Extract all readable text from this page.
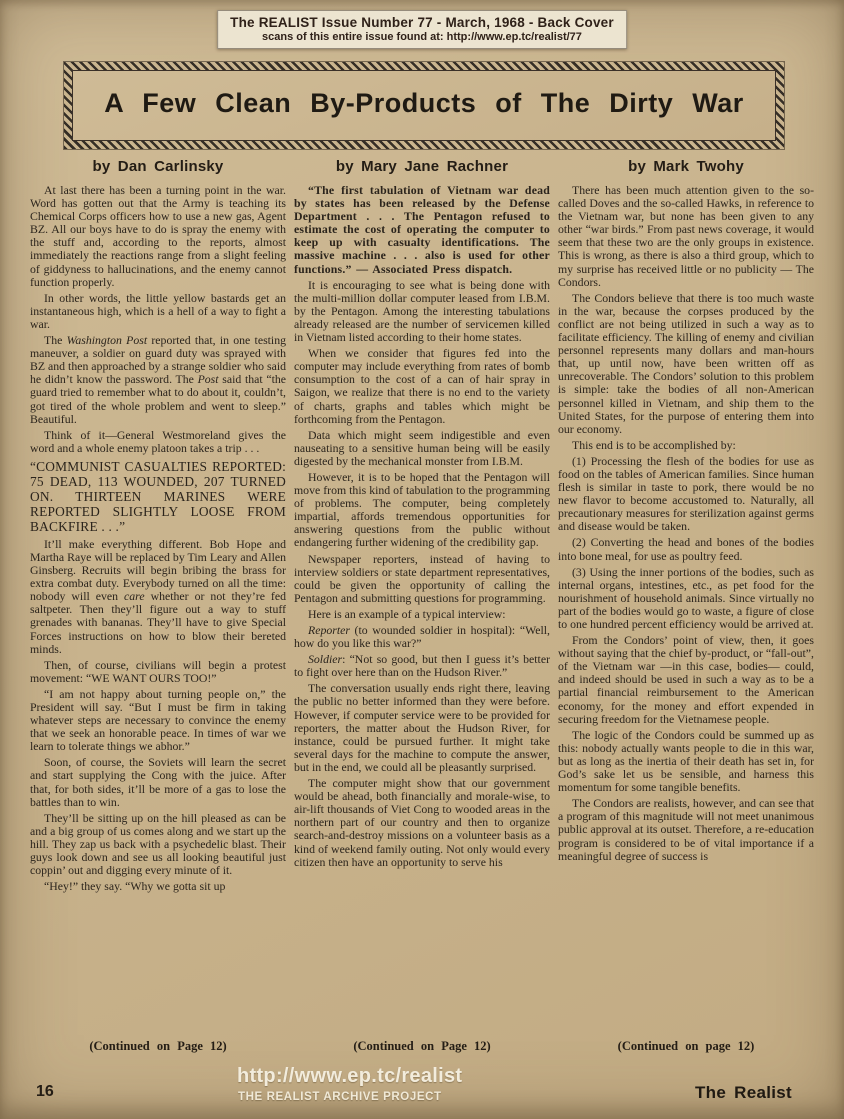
The REALIST Issue Number 77 - March, 1968 - Back Cover
scans of this entire issue found at: http://www.ep.tc/realist/77
A Few Clean By-Products of The Dirty War
by Dan Carlinsky

At last there has been a turning point in the war. Word has gotten out that the Army is teaching its Chemical Corps officers how to use a new gas, Agent BZ. All our boys have to do is spray the enemy with the stuff and, according to the reports, almost immediately the reactions range from a slight feeling of giddyness to hallucinations, and the enemy cannot function properly.

In other words, the little yellow bastards get an instantaneous high, which is a hell of a way to fight a war.

The Washington Post reported that, in one testing maneuver, a soldier on guard duty was sprayed with BZ and then approached by a strange soldier who said he didn’t know the password. The Post said that “the guard tried to remember what to do about it, couldn’t, got tired of the whole problem and went to sleep.” Beautiful.

Think of it—General Westmoreland gives the word and a whole enemy platoon takes a trip . . .

“COMMUNIST CASUALTIES REPORTED: 75 DEAD, 113 WOUNDED, 207 TURNED ON. THIRTEEN MARINES WERE REPORTED SLIGHTLY LOOSE FROM BACKFIRE . . .”

It’ll make everything different. Bob Hope and Martha Raye will be replaced by Tim Leary and Allen Ginsberg. Recruits will begin bribing the brass for extra combat duty. Everybody turned on all the time: nobody will even care whether or not they’re fed saltpeter. Then they’ll figure out a way to stuff grenades with bananas. They’ll have to give Special Forces instructions on how to blow their bereted minds.

Then, of course, civilians will begin a protest movement: “WE WANT OURS TOO!”

“I am not happy about turning people on,” the President will say. “But I must be firm in taking whatever steps are necessary to convince the enemy that we seek an honorable peace. In times of war we learn to tolerate things we abhor.”

Soon, of course, the Soviets will learn the secret and start supplying the Cong with the juice. After that, for both sides, it’ll be more of a gas to lose the battles than to win.

They’ll be sitting up on the hill pleased as can be and a big group of us comes along and we start up the hill. They zap us back with a psychedelic blast. Their guys look down and see us all looking beautiful just coppin’ out and digging every minute of it.

“Hey!” they say. “Why we gotta sit up

(Continued on Page 12)
by Mary Jane Rachner

“The first tabulation of Vietnam war dead by states has been released by the Defense Department . . . The Pentagon refused to estimate the cost of operating the computer to keep up with casualty identifications. The massive machine . . . also is used for other functions.” — Associated Press dispatch.

It is encouraging to see what is being done with the multi-million dollar computer leased from I.B.M. by the Pentagon. Among the interesting tabulations already released are the number of servicemen killed in Vietnam listed according to their home states.

When we consider that figures fed into the computer may include everything from rates of bomb consumption to the cost of a can of hair spray in Saigon, we realize that there is no end to the variety of charts, graphs and tables which might be forthcoming from the Pentagon.

Data which might seem indigestible and even nauseating to a sensitive human being will be easily digested by the mechanical monster from I.B.M.

However, it is to be hoped that the Pentagon will move from this kind of tabulation to the programming of problems. The computer, being completely impartial, affords tremendous opportunities for answering questions from the public without endangering further widening of the credibility gap.

Newspaper reporters, instead of having to interview soldiers or state department representatives, could be given the opportunity of calling the Pentagon and submitting questions for programming.

Here is an example of a typical interview:

Reporter (to wounded soldier in hospital): “Well, how do you like this war?”

Soldier: “Not so good, but then I guess it’s better to fight over here than on the Hudson River.”

The conversation usually ends right there, leaving the public no better informed than they were before. However, if computer service were to be provided for reporters, the matter about the Hudson River, for instance, could be pursued further. It might take several days for the machine to compute the answer, but in the end, we could all be pleasantly surprised.

The computer might show that our government would be ahead, both financially and morale-wise, to air-lift thousands of Viet Cong to wooded areas in the northern part of our country and then to organize search-and-destroy missions on a volunteer basis as a kind of weekend family outing. Not only would every citizen then have an opportunity to serve his

(Continued on Page 12)
by Mark Twohy

There has been much attention given to the so-called Doves and the so-called Hawks, in reference to the Vietnam war, but none has been given to any other “war birds.” From past news coverage, it would seem that these two are the only groups in existence. This is wrong, as there is also a third group, which to my surprise has received little or no publicity — The Condors.

The Condors believe that there is too much waste in the war, because the corpses produced by the conflict are not being utilized in such a way as to facilitate efficiency. The killing of enemy and civilian personnel represents many dollars and man-hours that, up until now, have been written off as unrecoverable. The Condors’ solution to this problem is simple: take the bodies of all non-American personnel killed in Vietnam, and ship them to the United States, for the purpose of entering them into our economy.

This end is to be accomplished by:

(1) Processing the flesh of the bodies for use as food on the tables of American families. Since human flesh is similar in taste to pork, there would be no new flavor to become accustomed to. Naturally, all precautionary measures for sterilization against germs and disease would be taken.

(2) Converting the head and bones of the bodies into bone meal, for use as poultry feed.

(3) Using the inner portions of the bodies, such as internal organs, intestines, etc., as pet food for the nourishment of household animals. Since virtually no part of the bodies would go to waste, a figure of close to one hundred percent efficiency would be arrived at.

From the Condors’ point of view, then, it goes without saying that the chief by-product, or “fall-out”, of the Vietnam war —in this case, bodies— could, and indeed should be used in such a way as to be a partial financial reimbursement to the American economy, for the money and effort expended in securing freedom for the Vietnamese people.

The logic of the Condors could be summed up as this: nobody actually wants people to die in this war, but as long as the inertia of their death has set in, for God’s sake let us be sensible, and harness this momentum for some tangible benefits.

The Condors are realists, however, and can see that a program of this magnitude will not meet unanimous public approval at its outset. Therefore, a re-education program is considered to be of vital importance if a meaningful degree of success is

(Continued on page 12)
16
http://www.ep.tc/realist
THE REALIST ARCHIVE PROJECT	The Realist
